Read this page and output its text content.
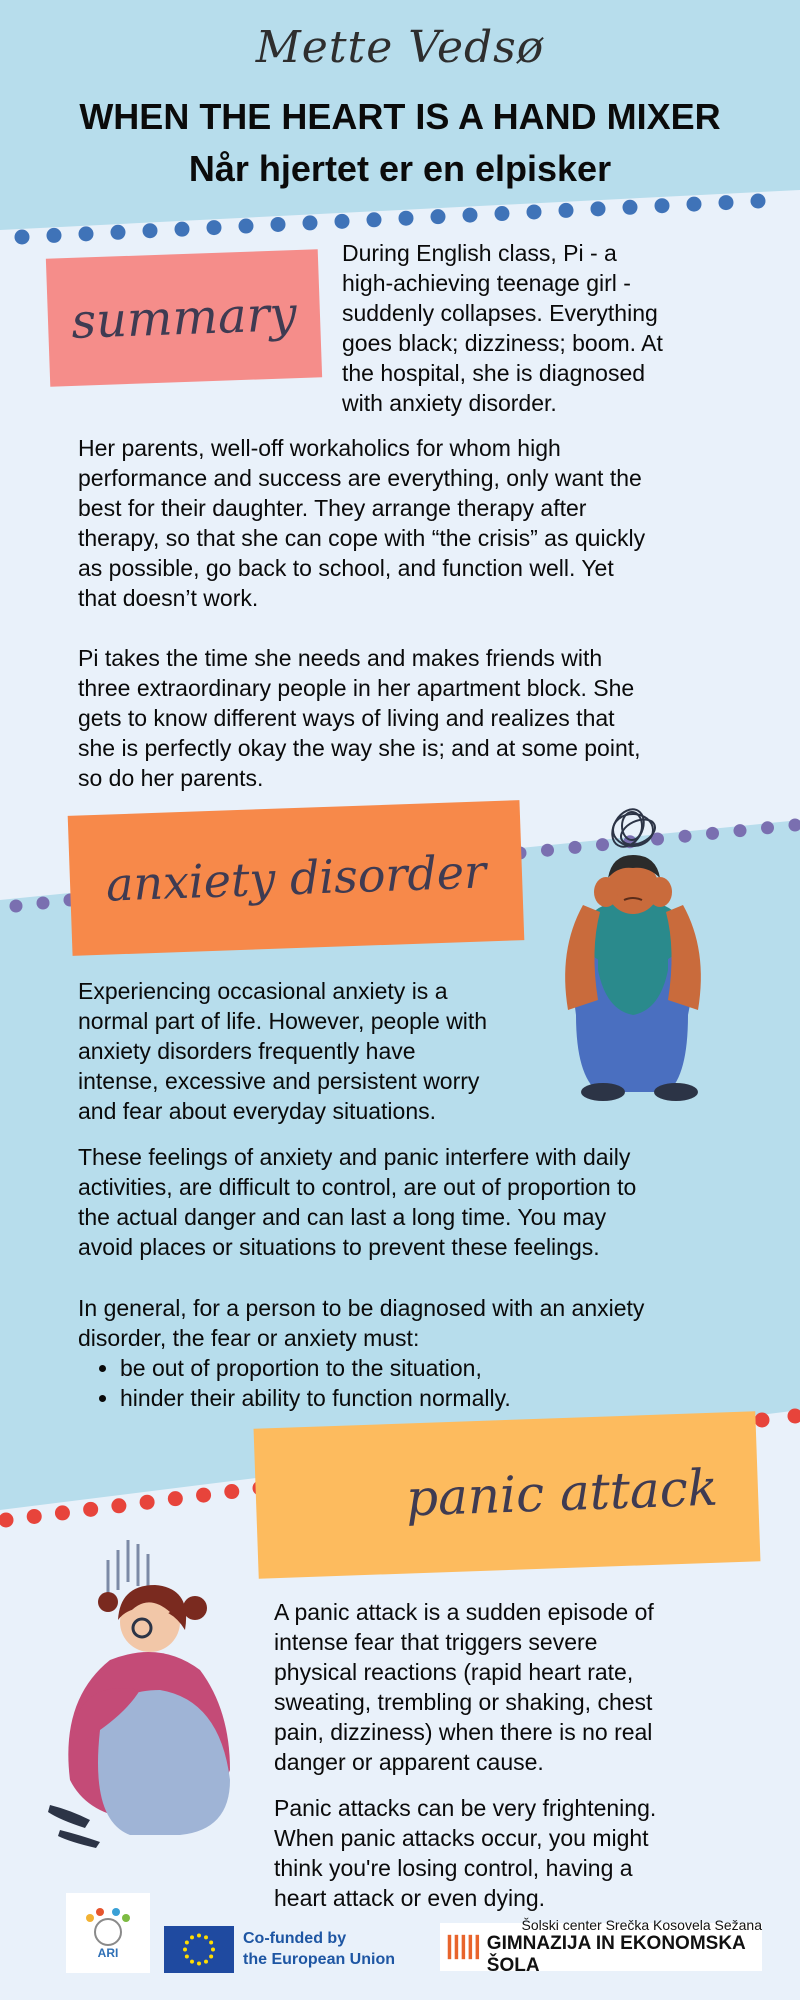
Mette Vedsø
WHEN THE HEART IS A HAND MIXER
Når hjertet er en elpisker
summary
During English class, Pi - a
high-achieving teenage girl -
suddenly collapses. Everything
goes black; dizziness; boom. At
the hospital, she is diagnosed
with anxiety disorder.
Her parents, well-off workaholics for whom high
performance and success are everything, only want the
best for their daughter. They arrange therapy after
therapy, so that she can cope with “the crisis” as quickly
as possible, go back to school, and function well. Yet
that doesn’t work.
Pi takes the time she needs and makes friends with
three extraordinary people in her apartment block. She
gets to know different ways of living and realizes that
she is perfectly okay the way she is; and at some point,
so do her parents.
anxiety disorder
Experiencing occasional anxiety is a
normal part of life. However, people with
anxiety disorders frequently have
intense, excessive and persistent worry
and fear about everyday situations.
These feelings of anxiety and panic interfere with daily
activities, are difficult to control, are out of proportion to
the actual danger and can last a long time. You may
avoid places or situations to prevent these feelings.
In general, for a person to be diagnosed with an anxiety
disorder, the fear or anxiety must:
• be out of proportion to the situation,
• hinder their ability to function normally.
panic attack
A panic attack is a sudden episode of
intense fear that triggers severe
physical reactions (rapid heart rate,
sweating, trembling or shaking, chest
pain, dizziness) when there is no real
danger or apparent cause.
Panic attacks can be very frightening.
When panic attacks occur, you might
think you're losing control, having a
heart attack or even dying.
ARI
Co-funded by
the European Union
Šolski center Srečka Kosovela Sežana
GIMNAZIJA IN EKONOMSKA ŠOLA
